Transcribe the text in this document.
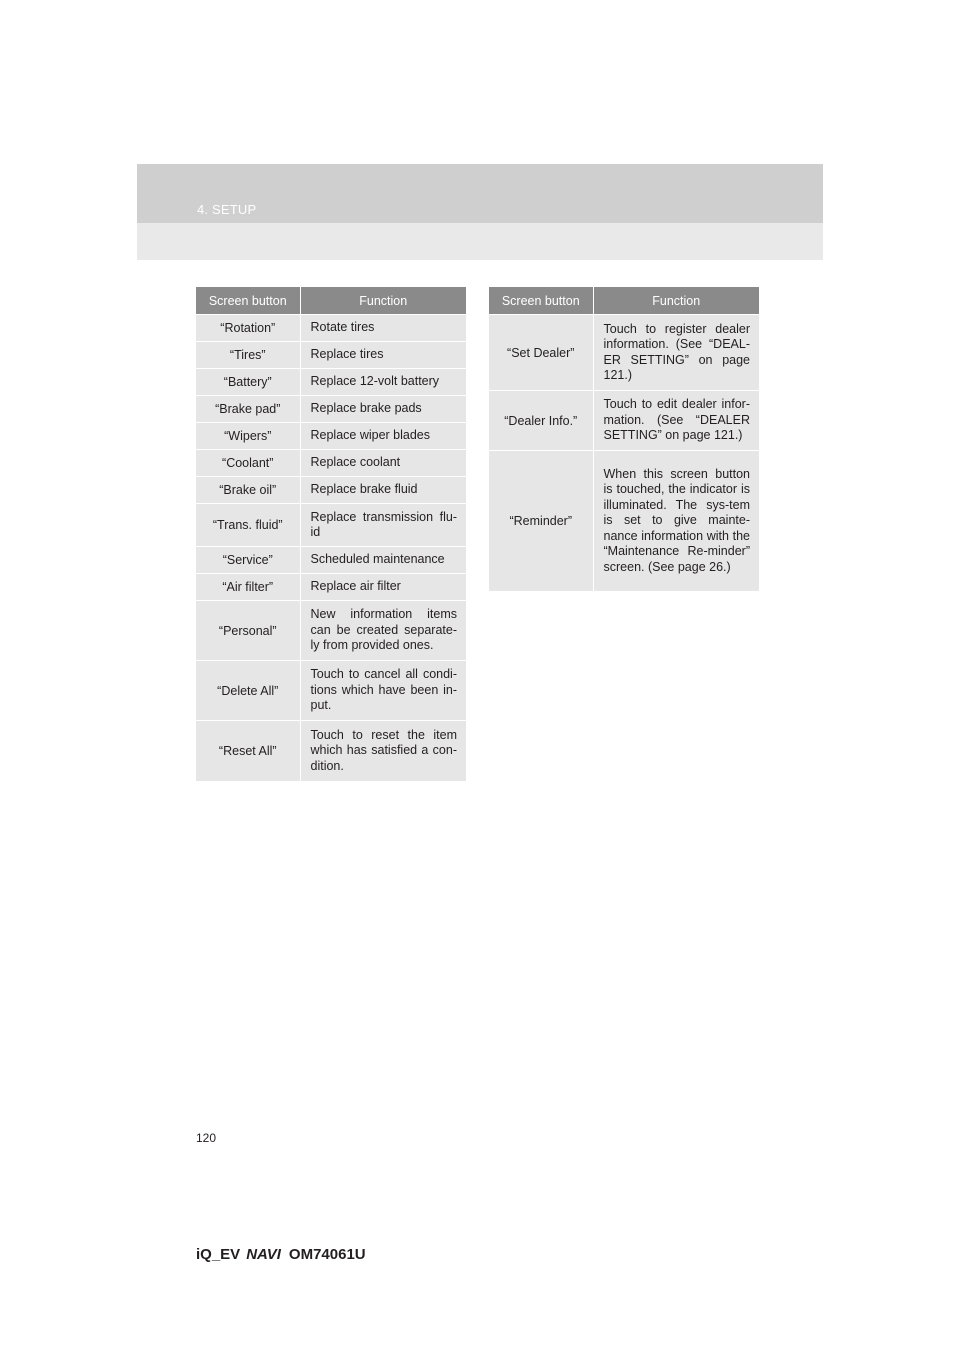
4. SETUP
Screen button	Function
“Rotation”	Rotate tires
“Tires”	Replace tires
“Battery”	Replace 12-volt battery
“Brake pad”	Replace brake pads
“Wipers”	Replace wiper blades
“Coolant”	Replace coolant
“Brake oil”	Replace brake fluid
“Trans. fluid”	Replace transmission flu-id
“Service”	Scheduled maintenance
“Air filter”	Replace air filter
“Personal”	New information items can be created separate-ly from provided ones.
“Delete All”	Touch to cancel all condi-tions which have been in-put.
“Reset All”	Touch to reset the item which has satisfied a con-dition.
Screen button	Function
“Set Dealer”	Touch to register dealer information. (See “DEAL-ER SETTING” on page 121.)
“Dealer Info.”	Touch to edit dealer infor-mation. (See “DEALER SETTING” on page 121.)
“Reminder”	When this screen button is touched, the indicator is illuminated. The sys-tem is set to give mainte-nance information with the “Maintenance Re-minder” screen. (See page 26.)
120
iQ_EV NAVI OM74061U
